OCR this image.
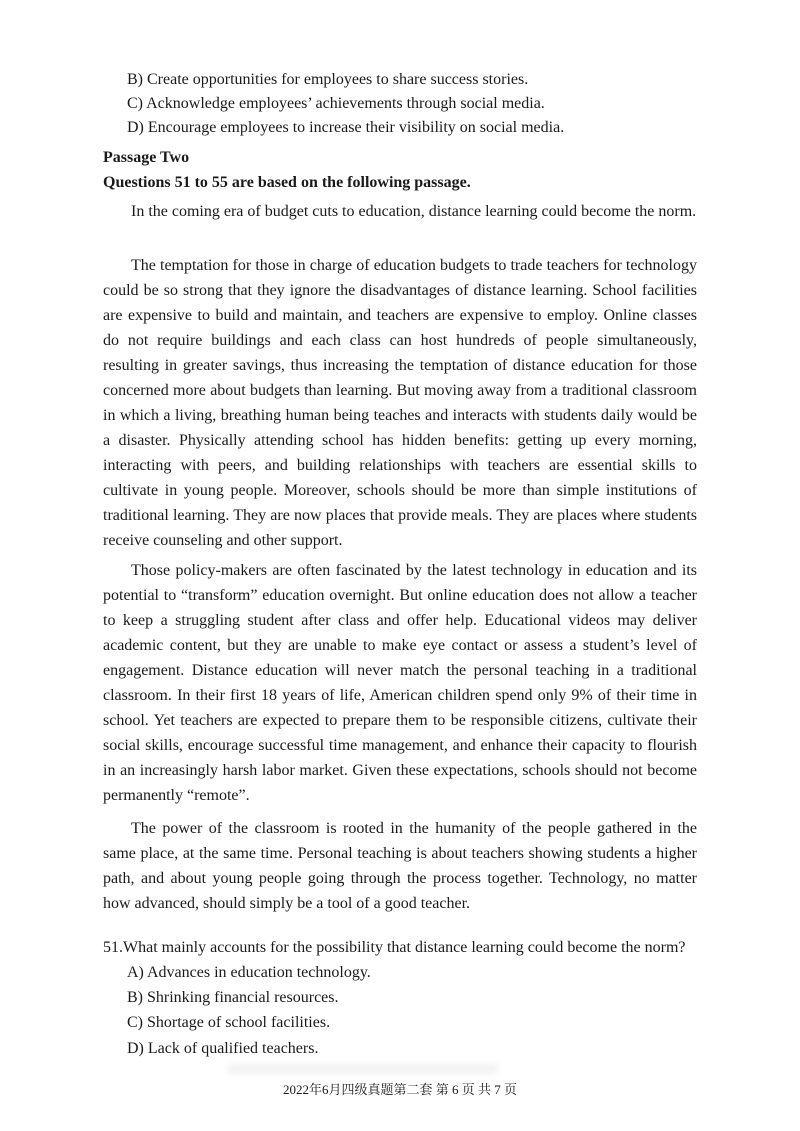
B) Create opportunities for employees to share success stories.

C) Acknowledge employees’ achievements through social media.

D) Encourage employees to increase their visibility on social media.

Passage Two

Questions 51 to 55 are based on the following passage.

In the coming era of budget cuts to education, distance learning could become the norm.

The temptation for those in charge of education budgets to trade teachers for technology could be so strong that they ignore the disadvantages of distance learning. School facilities are expensive to build and maintain, and teachers are expensive to employ. Online classes do not require buildings and each class can host hundreds of people simultaneously, resulting in greater savings, thus increasing the temptation of distance education for those concerned more about budgets than learning. But moving away from a traditional classroom in which a living, breathing human being teaches and interacts with students daily would be a disaster. Physically attending school has hidden benefits: getting up every morning, interacting with peers, and building relationships with teachers are essential skills to cultivate in young people. Moreover, schools should be more than simple institutions of traditional learning. They are now places that provide meals. They are places where students receive counseling and other support.

Those policy-makers are often fascinated by the latest technology in education and its potential to “transform” education overnight. But online education does not allow a teacher to keep a struggling student after class and offer help. Educational videos may deliver academic content, but they are unable to make eye contact or assess a student’s level of engagement. Distance education will never match the personal teaching in a traditional classroom. In their first 18 years of life, American children spend only 9% of their time in school. Yet teachers are expected to prepare them to be responsible citizens, cultivate their social skills, encourage successful time management, and enhance their capacity to flourish in an increasingly harsh labor market. Given these expectations, schools should not become permanently “remote”.

The power of the classroom is rooted in the humanity of the people gathered in the same place, at the same time. Personal teaching is about teachers showing students a higher path, and about young people going through the process together. Technology, no matter how advanced, should simply be a tool of a good teacher.

51.What mainly accounts for the possibility that distance learning could become the norm?

A) Advances in education technology.

B) Shrinking financial resources.

C) Shortage of school facilities.

D) Lack of qualified teachers.

2022年6月四级真题第二套 第 6 页 共 7 页
